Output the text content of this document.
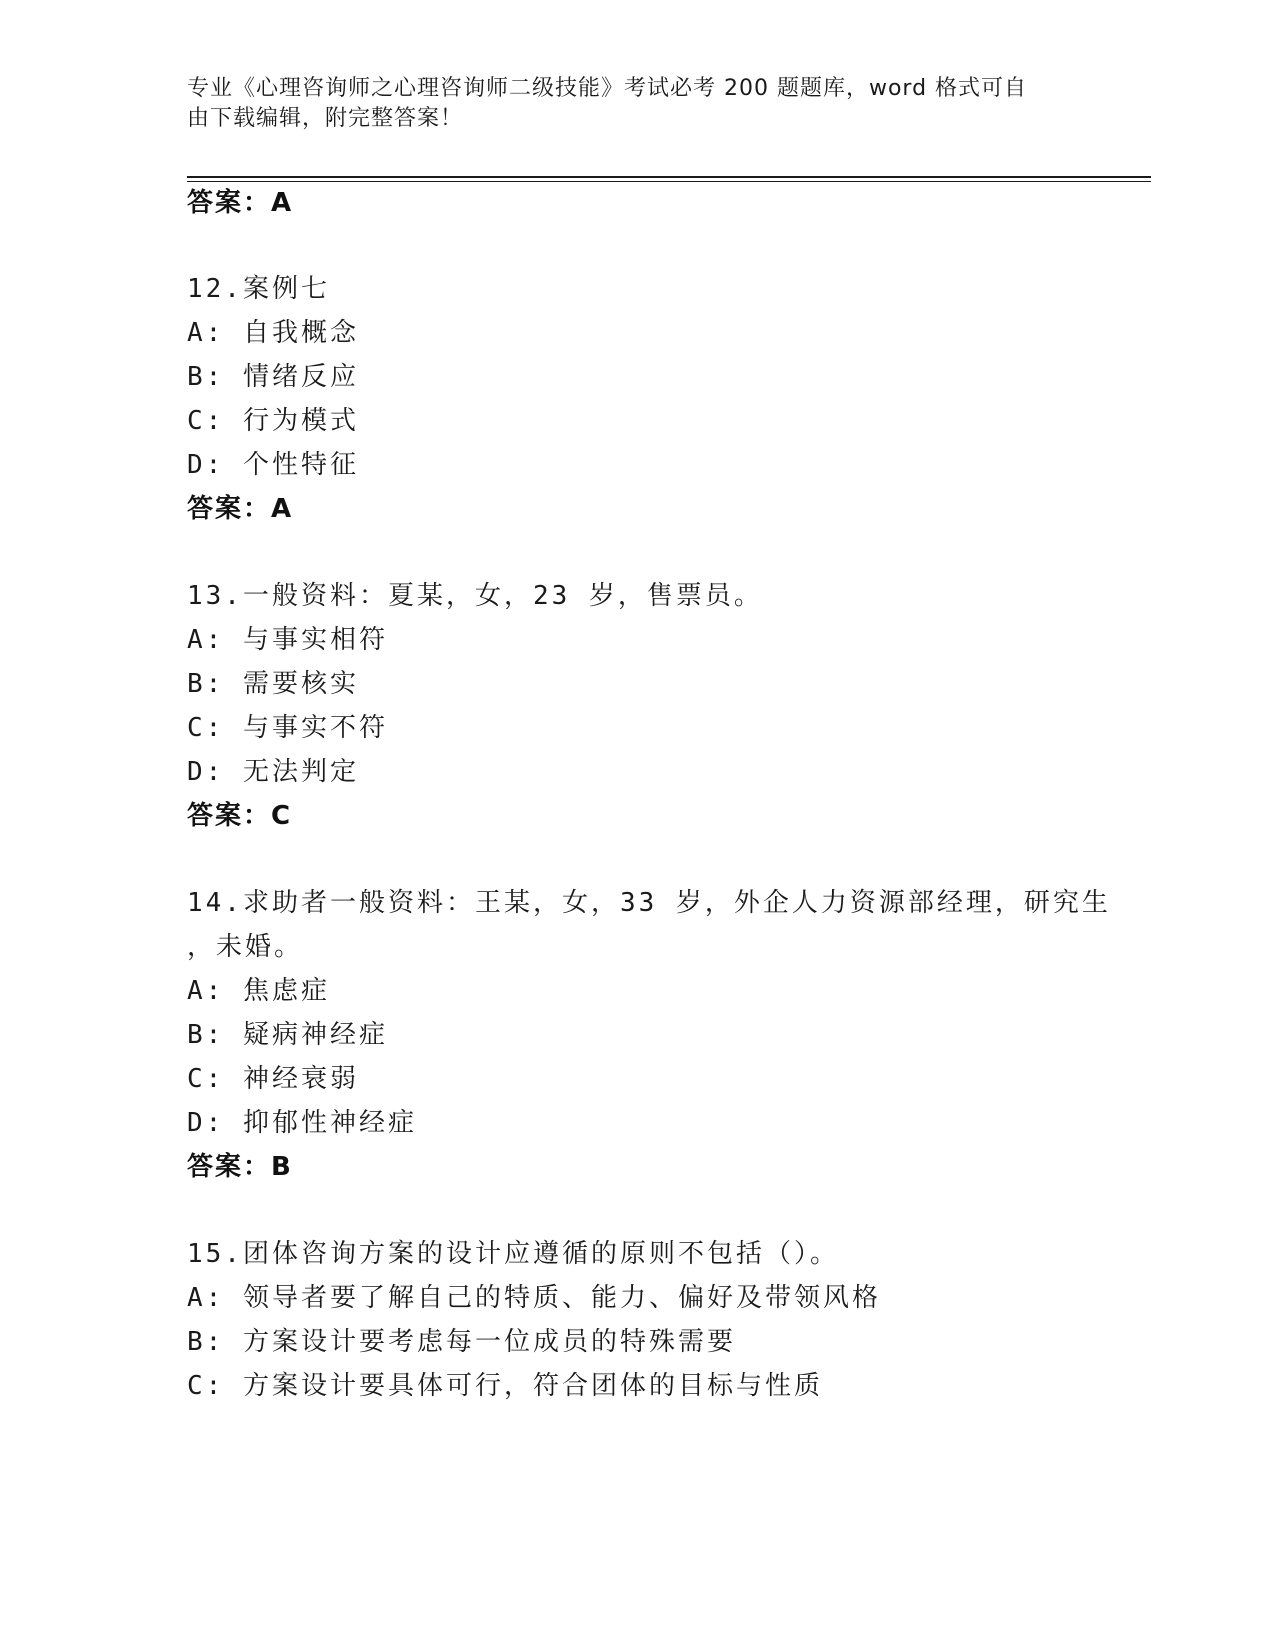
专业《心理咨询师之心理咨询师二级技能》考试必考 200 题题库，word 格式可自
由下载编辑，附完整答案！
答案：A
12.案例七
A: 自我概念
B: 情绪反应
C: 行为模式
D: 个性特征
答案：A
13.一般资料：夏某，女，23 岁，售票员。
A: 与事实相符
B: 需要核实
C: 与事实不符
D: 无法判定
答案：C
14.求助者一般资料：王某，女，33 岁，外企人力资源部经理，研究生
，未婚。
A: 焦虑症
B: 疑病神经症
C: 神经衰弱
D: 抑郁性神经症
答案：B
15.团体咨询方案的设计应遵循的原则不包括（）。
A: 领导者要了解自己的特质、能力、偏好及带领风格
B: 方案设计要考虑每一位成员的特殊需要
C: 方案设计要具体可行，符合团体的目标与性质
